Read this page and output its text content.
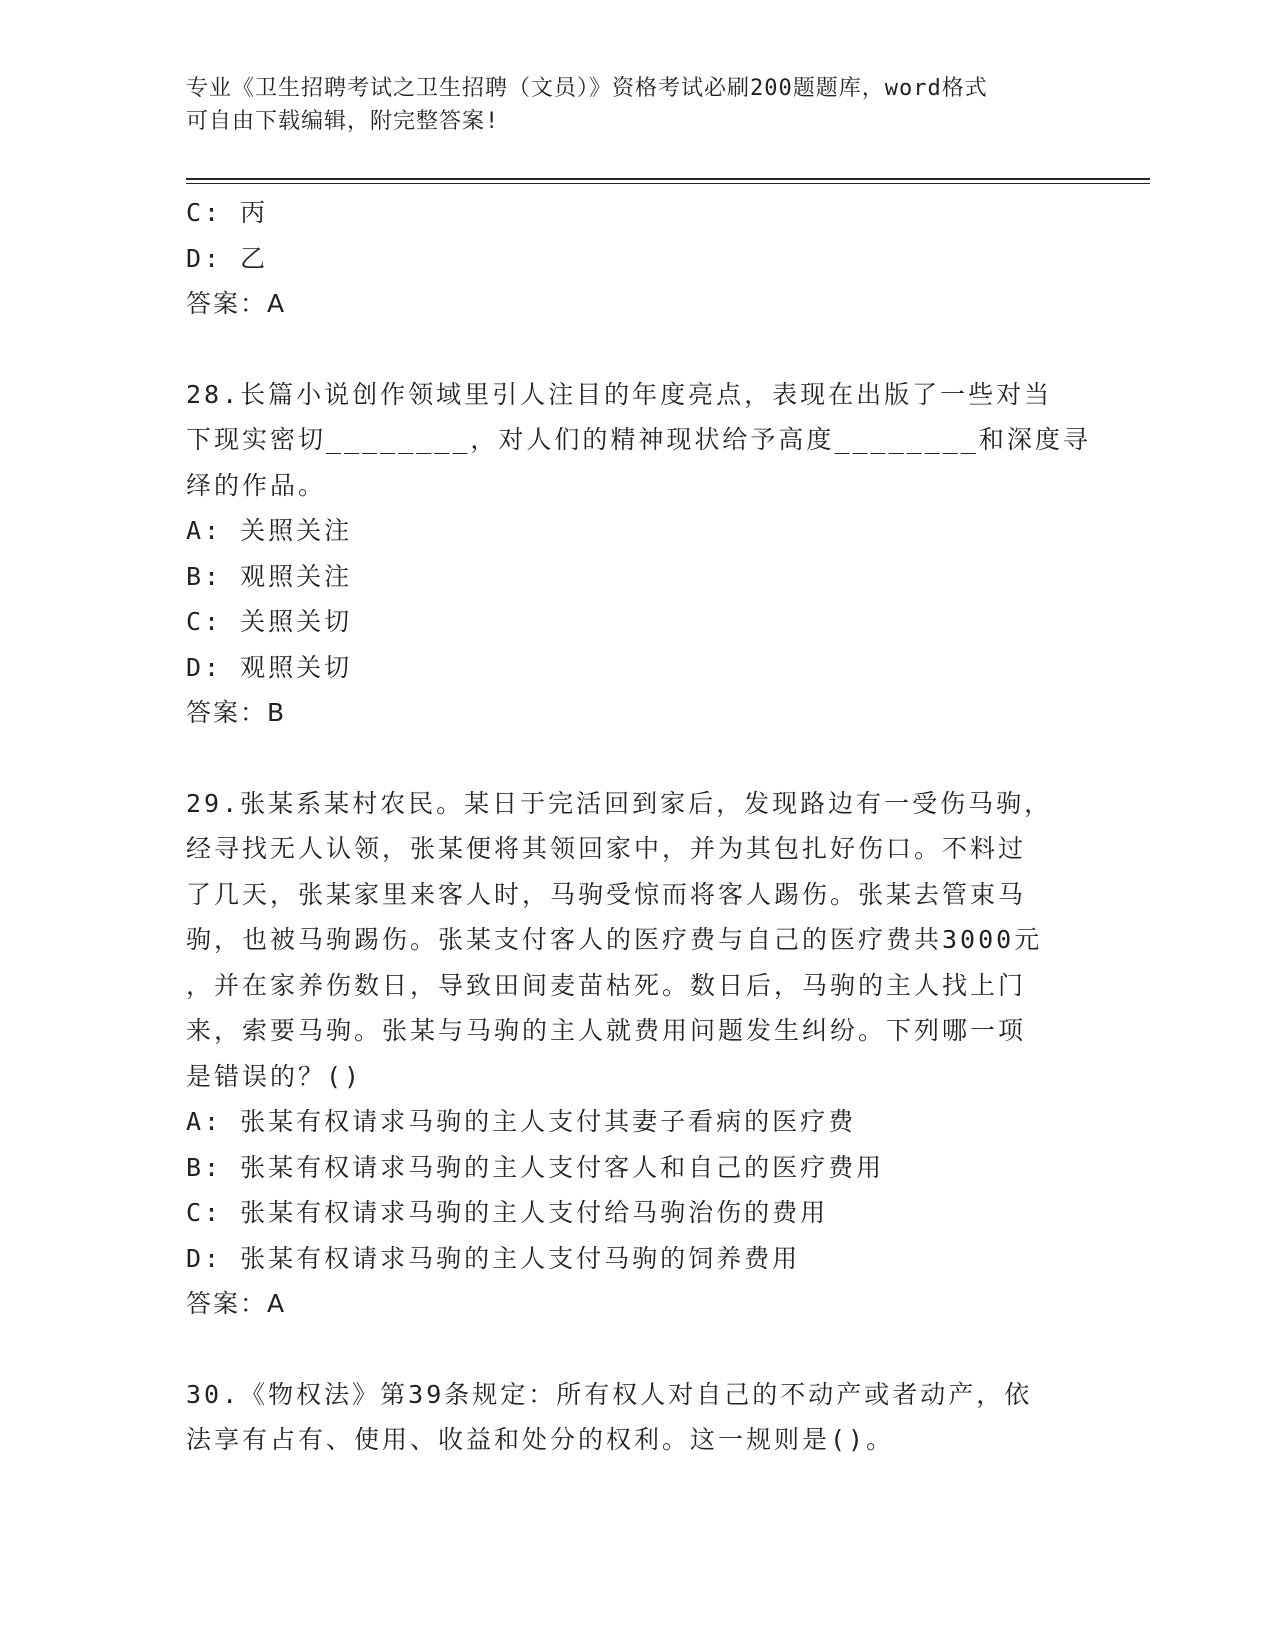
专业《卫生招聘考试之卫生招聘（文员）》资格考试必刷200题题库，word格式
可自由下载编辑，附完整答案!
C: 丙
D: 乙
答案：A
28.长篇小说创作领域里引人注目的年度亮点，表现在出版了一些对当
下现实密切________，对人们的精神现状给予高度________和深度寻
绎的作品。
A: 关照关注
B: 观照关注
C: 关照关切
D: 观照关切
答案：B
29.张某系某村农民。某日于完活回到家后，发现路边有一受伤马驹，
经寻找无人认领，张某便将其领回家中，并为其包扎好伤口。不料过
了几天，张某家里来客人时，马驹受惊而将客人踢伤。张某去管束马
驹，也被马驹踢伤。张某支付客人的医疗费与自己的医疗费共3000元
，并在家养伤数日，导致田间麦苗枯死。数日后，马驹的主人找上门
来，索要马驹。张某与马驹的主人就费用问题发生纠纷。下列哪一项
是错误的？()
A: 张某有权请求马驹的主人支付其妻子看病的医疗费
B: 张某有权请求马驹的主人支付客人和自己的医疗费用
C: 张某有权请求马驹的主人支付给马驹治伤的费用
D: 张某有权请求马驹的主人支付马驹的饲养费用
答案：A
30.《物权法》第39条规定：所有权人对自己的不动产或者动产，依
法享有占有、使用、收益和处分的权利。这一规则是()。
